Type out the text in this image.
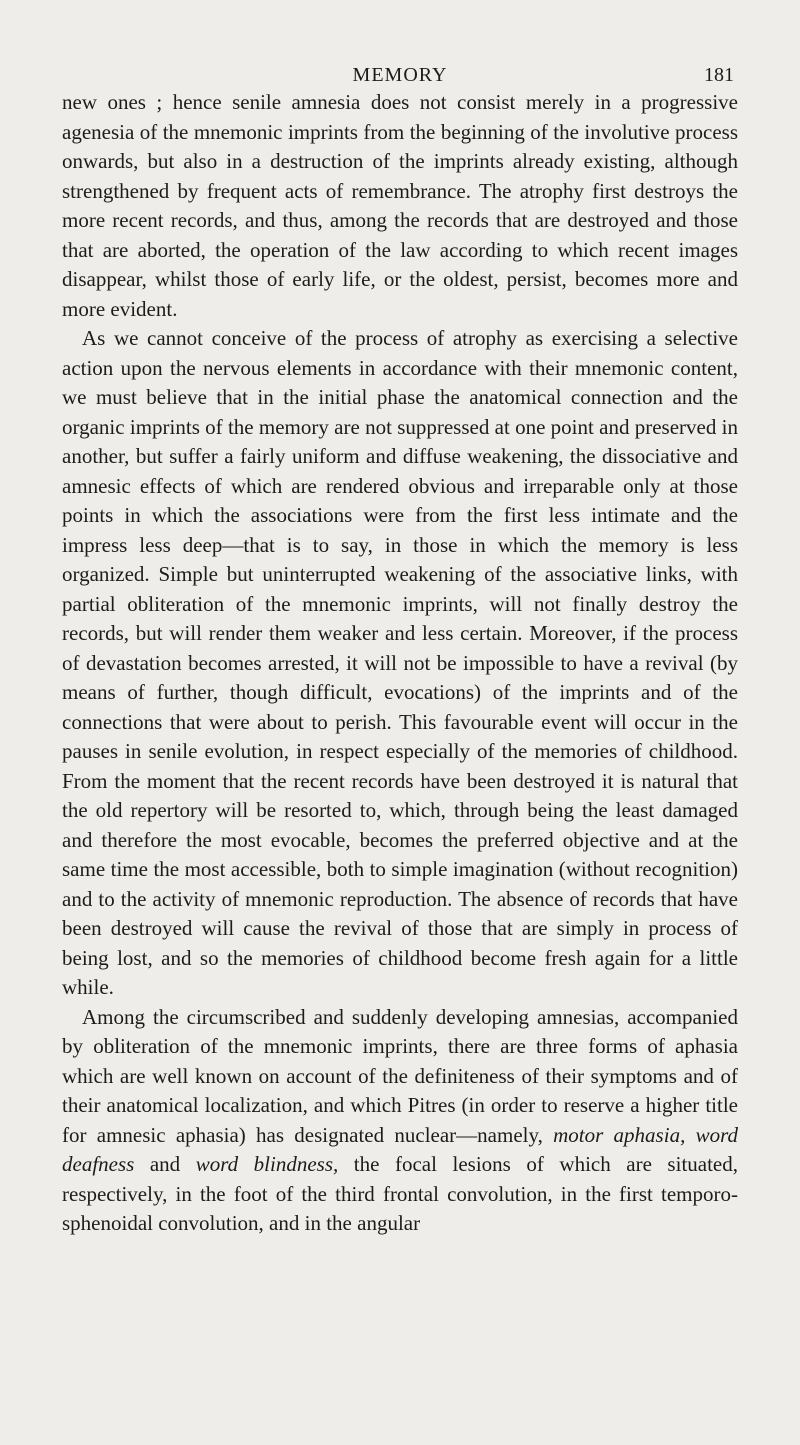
MEMORY	181

new ones ; hence senile amnesia does not consist merely in a progressive agenesia of the mnemonic imprints from the beginning of the involutive process onwards, but also in a destruction of the imprints already existing, although strengthened by frequent acts of remembrance. The atrophy first destroys the more recent records, and thus, among the records that are destroyed and those that are aborted, the operation of the law according to which recent images disappear, whilst those of early life, or the oldest, persist, becomes more and more evident.

As we cannot conceive of the process of atrophy as exercising a selective action upon the nervous elements in accordance with their mnemonic content, we must believe that in the initial phase the anatomical connection and the organic imprints of the memory are not suppressed at one point and preserved in another, but suffer a fairly uniform and diffuse weakening, the dissociative and amnesic effects of which are rendered obvious and irreparable only at those points in which the associations were from the first less intimate and the impress less deep—that is to say, in those in which the memory is less organized. Simple but uninterrupted weakening of the associative links, with partial obliteration of the mnemonic imprints, will not finally destroy the records, but will render them weaker and less certain. Moreover, if the process of devastation becomes arrested, it will not be impossible to have a revival (by means of further, though difficult, evocations) of the imprints and of the connections that were about to perish. This favourable event will occur in the pauses in senile evolution, in respect especially of the memories of childhood. From the moment that the recent records have been destroyed it is natural that the old repertory will be resorted to, which, through being the least damaged and therefore the most evocable, becomes the preferred objective and at the same time the most accessible, both to simple imagination (without recognition) and to the activity of mnemonic reproduction. The absence of records that have been destroyed will cause the revival of those that are simply in process of being lost, and so the memories of childhood become fresh again for a little while.

Among the circumscribed and suddenly developing amnesias, accompanied by obliteration of the mnemonic imprints, there are three forms of aphasia which are well known on account of the definiteness of their symptoms and of their anatomical localization, and which Pitres (in order to reserve a higher title for amnesic aphasia) has designated nuclear—namely, motor aphasia, word deafness and word blindness, the focal lesions of which are situated, respectively, in the foot of the third frontal convolution, in the first temporo-sphenoidal convolution, and in the angular
